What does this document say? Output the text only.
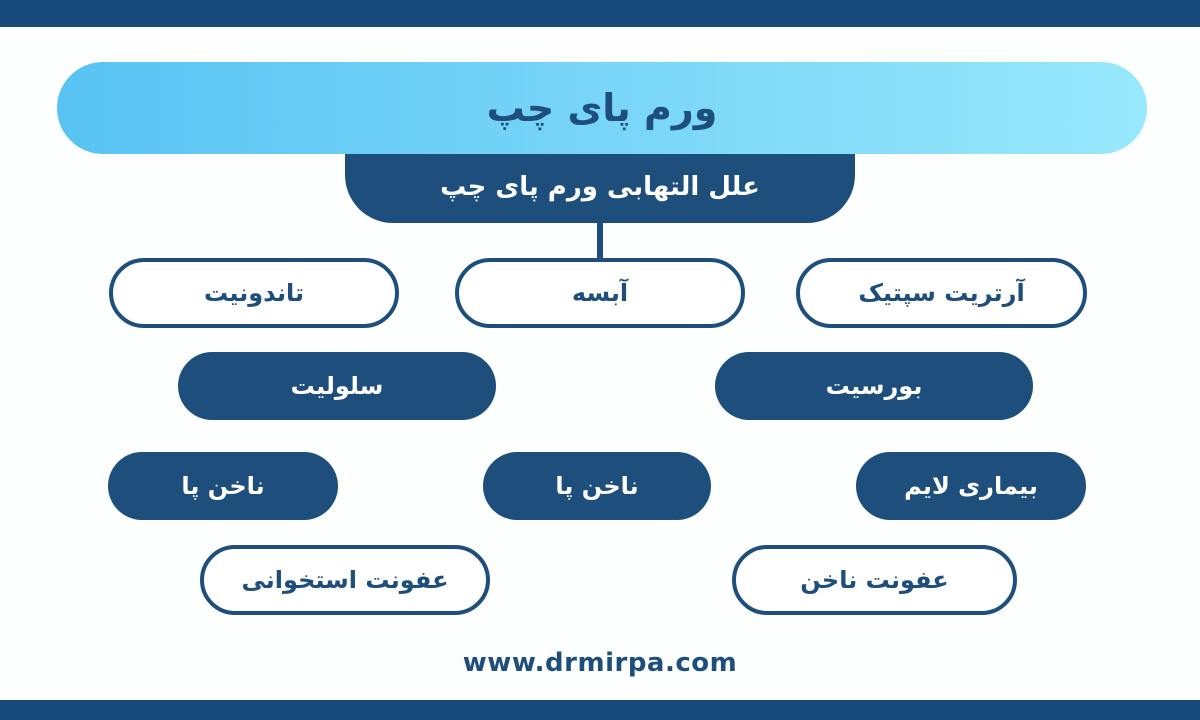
ورم پای چپ
علل التهابی ورم پای چپ
تاندونیت	آبسه	آرتریت سپتیک
سلولیت	بورسیت
ناخن پا	ناخن پا	بیماری لایم
عفونت استخوانی	عفونت ناخن
www.drmirpa.com
